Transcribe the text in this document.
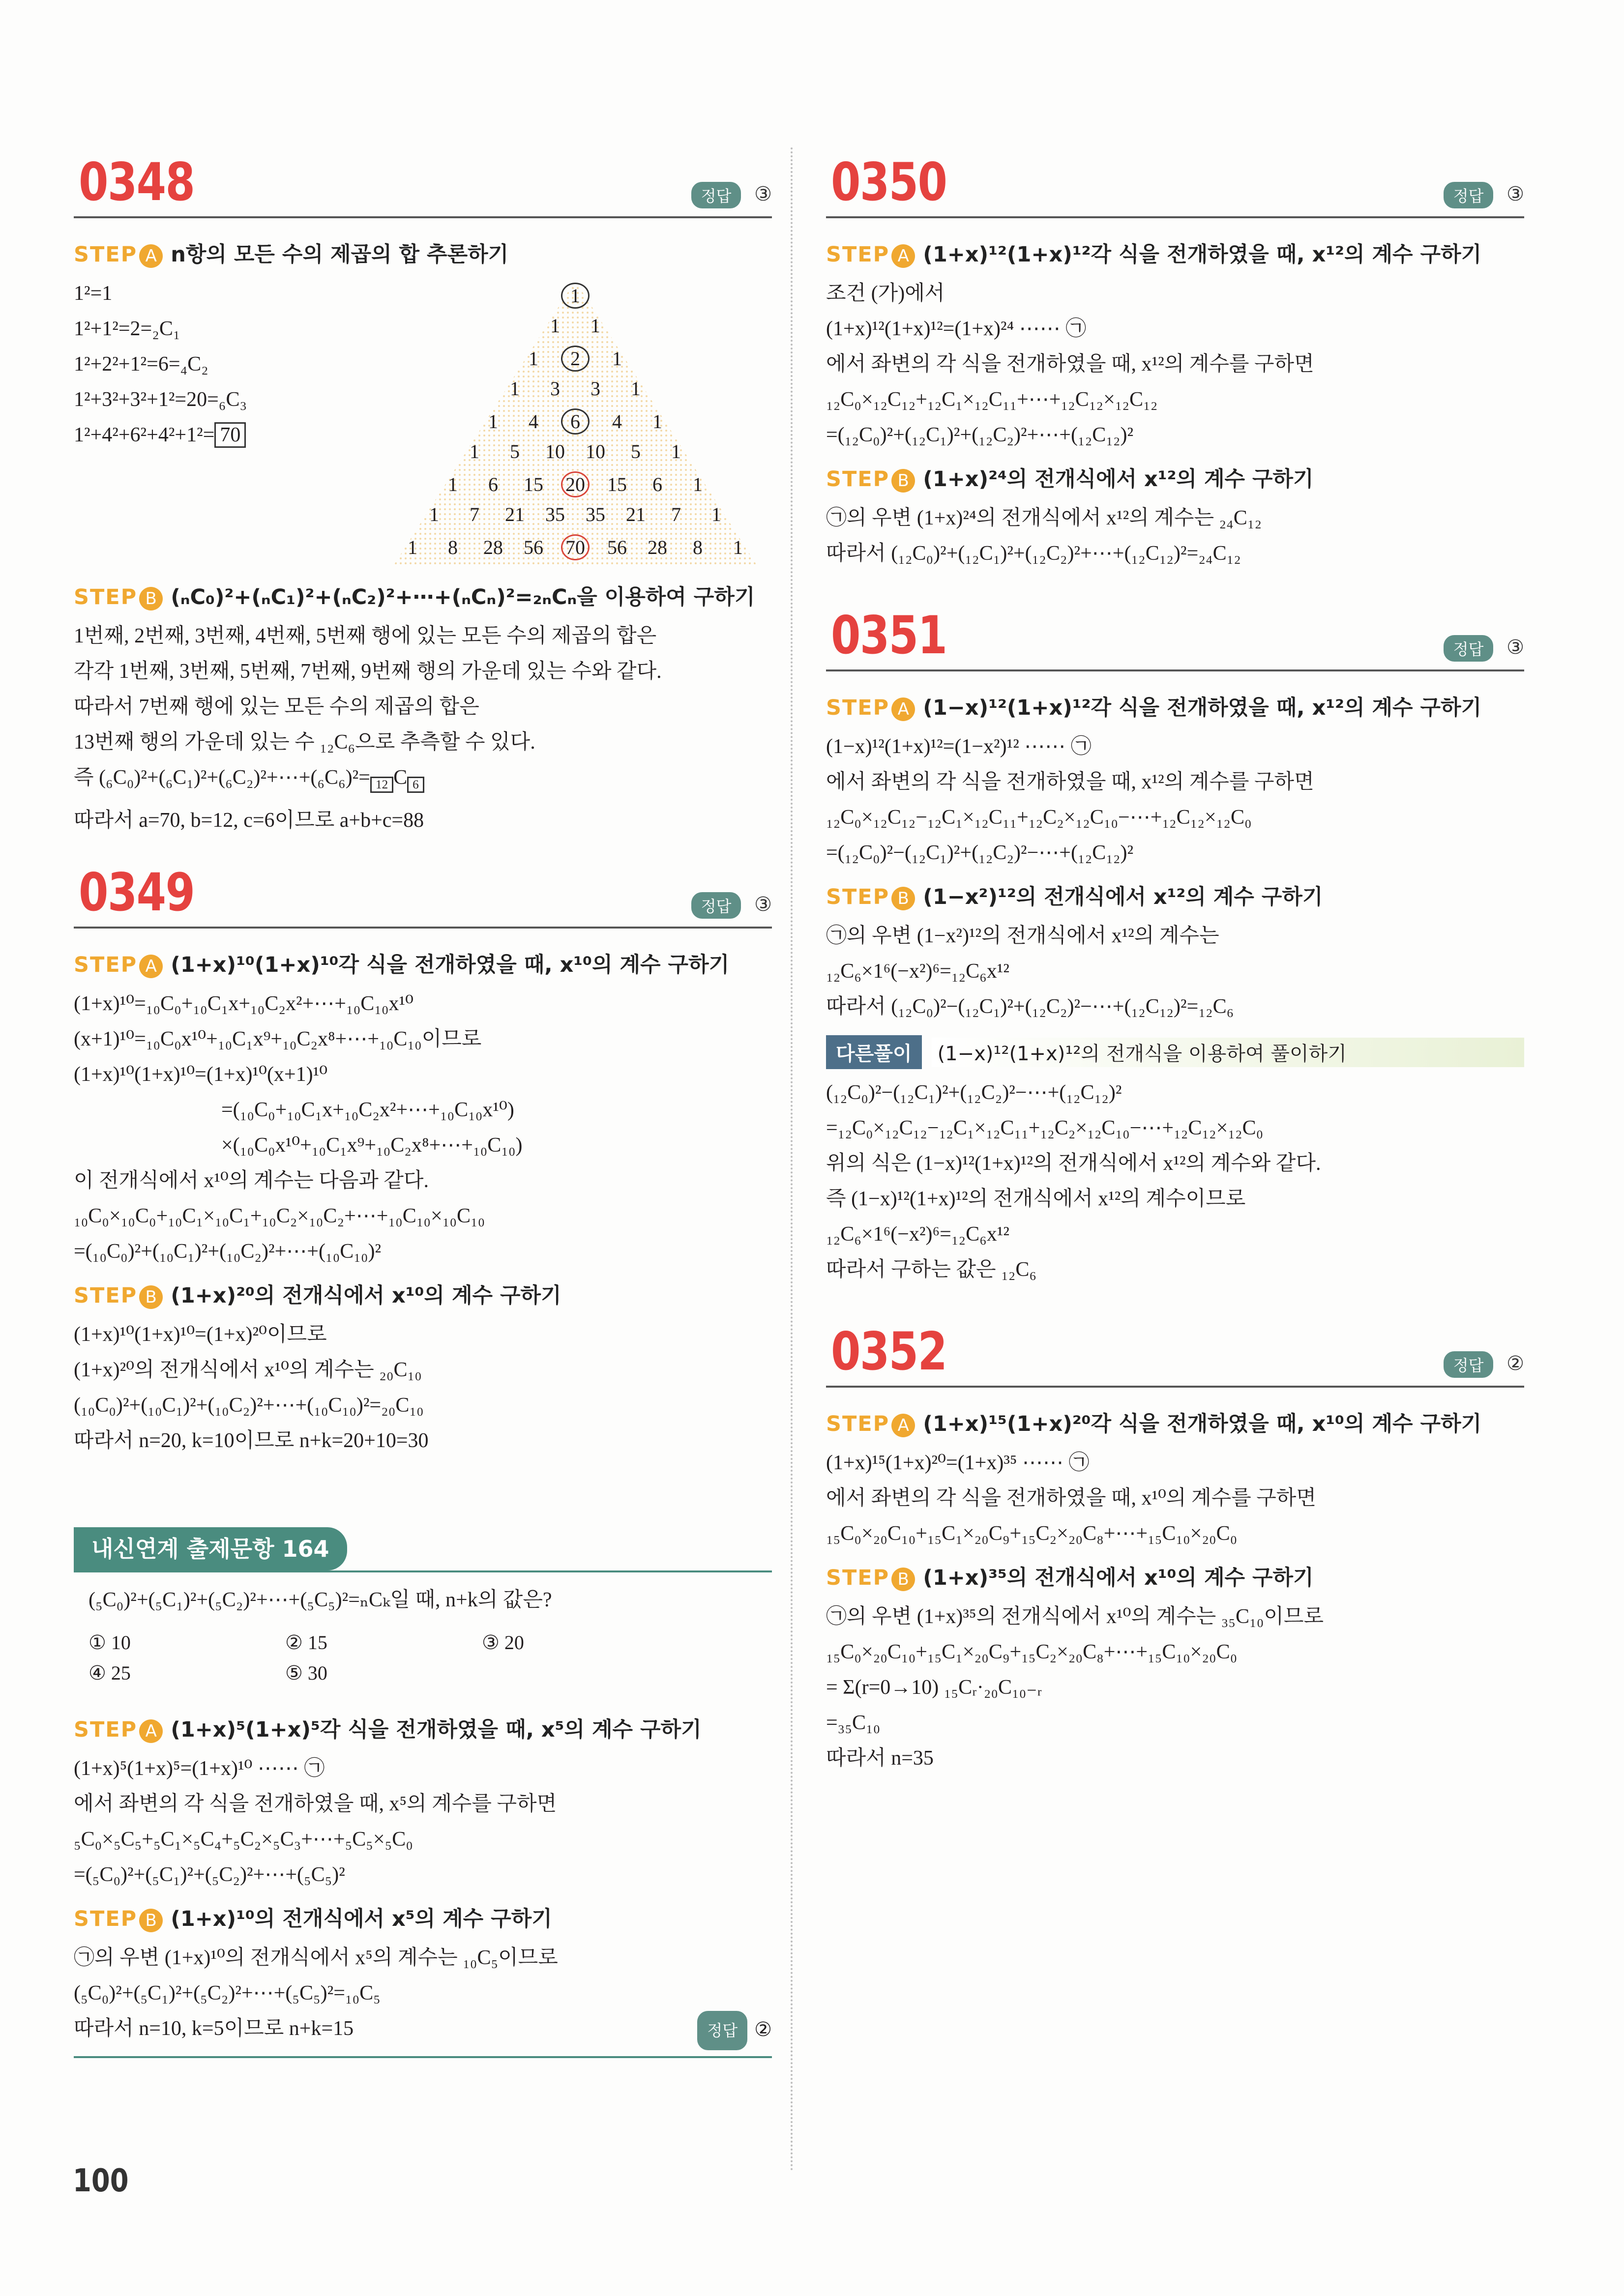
0348	정답 ③
STEP A n항의 모든 수의 제곱의 합 추론하기
1²=1
1²+1²=2=₂C₁
1²+2²+1²=6=₄C₂
1²+3²+3²+1²=20=₆C₃
1²+4²+6²+4²+1²= 70
1
1 1
1 2 1
1 3 3 1
1 4 6 4 1
1 5 10 10 5 1
1 6 15 20 15 6 1
1 7 21 35 35 21 7 1
1 8 28 56 70 56 28 8 1
STEP B (ₙC₀)²+(ₙC₁)²+(ₙC₂)²+⋯+(ₙCₙ)²=₂ₙCₙ을 이용하여 구하기
1번째, 2번째, 3번째, 4번째, 5번째 행에 있는 모든 수의 제곱의 합은
각각 1번째, 3번째, 5번째, 7번째, 9번째 행의 가운데 있는 수와 같다.
따라서 7번째 행에 있는 모든 수의 제곱의 합은
13번째 행의 가운데 있는 수 ₁₂C₆으로 추측할 수 있다.
즉 (₆C₀)²+(₆C₁)²+(₆C₂)²+⋯+(₆C₆)²= $_{12}$ C $_6$
따라서 a=70, b=12, c=6이므로 a+b+c=88
0349	정답 ③
STEP A (1+x)¹⁰(1+x)¹⁰각 식을 전개하였을 때, x¹⁰의 계수 구하기
(1+x)¹⁰=₁₀C₀+₁₀C₁x+₁₀C₂x²+⋯+₁₀C₁₀x¹⁰
(x+1)¹⁰=₁₀C₀x¹⁰+₁₀C₁x⁹+₁₀C₂x⁸+⋯+₁₀C₁₀이므로
(1+x)¹⁰(1+x)¹⁰=(1+x)¹⁰(x+1)¹⁰
=(₁₀C₀+₁₀C₁x+₁₀C₂x²+⋯+₁₀C₁₀x¹⁰)
×(₁₀C₀x¹⁰+₁₀C₁x⁹+₁₀C₂x⁸+⋯+₁₀C₁₀)
이 전개식에서 x¹⁰의 계수는 다음과 같다.
₁₀C₀×₁₀C₀+₁₀C₁×₁₀C₁+₁₀C₂×₁₀C₂+⋯+₁₀C₁₀×₁₀C₁₀
=(₁₀C₀)²+(₁₀C₁)²+(₁₀C₂)²+⋯+(₁₀C₁₀)²
STEP B (1+x)²⁰의 전개식에서 x¹⁰의 계수 구하기
(1+x)¹⁰(1+x)¹⁰=(1+x)²⁰이므로
(1+x)²⁰의 전개식에서 x¹⁰의 계수는 ₂₀C₁₀
(₁₀C₀)²+(₁₀C₁)²+(₁₀C₂)²+⋯+(₁₀C₁₀)²=₂₀C₁₀
따라서 n=20, k=10이므로 n+k=20+10=30
내신연계 출제문항 164
(₅C₀)²+(₅C₁)²+(₅C₂)²+⋯+(₅C₅)²=ₙCₖ일 때, n+k의 값은?
① 10	② 15	③ 20
④ 25	⑤ 30
STEP A (1+x)⁵(1+x)⁵각 식을 전개하였을 때, x⁵의 계수 구하기
(1+x)⁵(1+x)⁵=(1+x)¹⁰ ⋯⋯ ㉠
에서 좌변의 각 식을 전개하였을 때, x⁵의 계수를 구하면
₅C₀×₅C₅+₅C₁×₅C₄+₅C₂×₅C₃+⋯+₅C₅×₅C₀
=(₅C₀)²+(₅C₁)²+(₅C₂)²+⋯+(₅C₅)²
STEP B (1+x)¹⁰의 전개식에서 x⁵의 계수 구하기
㉠의 우변 (1+x)¹⁰의 전개식에서 x⁵의 계수는 ₁₀C₅이므로
(₅C₀)²+(₅C₁)²+(₅C₂)²+⋯+(₅C₅)²=₁₀C₅
따라서 n=10, k=5이므로 n+k=15	정답 ②
0350	정답 ③
STEP A (1+x)¹²(1+x)¹²각 식을 전개하였을 때, x¹²의 계수 구하기
조건 (가)에서
(1+x)¹²(1+x)¹²=(1+x)²⁴ ⋯⋯ ㉠
에서 좌변의 각 식을 전개하였을 때, x¹²의 계수를 구하면
₁₂C₀×₁₂C₁₂+₁₂C₁×₁₂C₁₁+⋯+₁₂C₁₂×₁₂C₁₂
=(₁₂C₀)²+(₁₂C₁)²+(₁₂C₂)²+⋯+(₁₂C₁₂)²
STEP B (1+x)²⁴의 전개식에서 x¹²의 계수 구하기
㉠의 우변 (1+x)²⁴의 전개식에서 x¹²의 계수는 ₂₄C₁₂
따라서 (₁₂C₀)²+(₁₂C₁)²+(₁₂C₂)²+⋯+(₁₂C₁₂)²=₂₄C₁₂
0351	정답 ③
STEP A (1−x)¹²(1+x)¹²각 식을 전개하였을 때, x¹²의 계수 구하기
(1−x)¹²(1+x)¹²=(1−x²)¹² ⋯⋯ ㉠
에서 좌변의 각 식을 전개하였을 때, x¹²의 계수를 구하면
₁₂C₀×₁₂C₁₂−₁₂C₁×₁₂C₁₁+₁₂C₂×₁₂C₁₀−⋯+₁₂C₁₂×₁₂C₀
=(₁₂C₀)²−(₁₂C₁)²+(₁₂C₂)²−⋯+(₁₂C₁₂)²
STEP B (1−x²)¹²의 전개식에서 x¹²의 계수 구하기
㉠의 우변 (1−x²)¹²의 전개식에서 x¹²의 계수는
₁₂C₆×1⁶(−x²)⁶=₁₂C₆x¹²
따라서 (₁₂C₀)²−(₁₂C₁)²+(₁₂C₂)²−⋯+(₁₂C₁₂)²=₁₂C₆
다른풀이	(1−x)¹²(1+x)¹²의 전개식을 이용하여 풀이하기
(₁₂C₀)²−(₁₂C₁)²+(₁₂C₂)²−⋯+(₁₂C₁₂)²
=₁₂C₀×₁₂C₁₂−₁₂C₁×₁₂C₁₁+₁₂C₂×₁₂C₁₀−⋯+₁₂C₁₂×₁₂C₀
위의 식은 (1−x)¹²(1+x)¹²의 전개식에서 x¹²의 계수와 같다.
즉 (1−x)¹²(1+x)¹²의 전개식에서 x¹²의 계수이므로
₁₂C₆×1⁶(−x²)⁶=₁₂C₆x¹²
따라서 구하는 값은 ₁₂C₆
0352	정답 ②
STEP A (1+x)¹⁵(1+x)²⁰각 식을 전개하였을 때, x¹⁰의 계수 구하기
(1+x)¹⁵(1+x)²⁰=(1+x)³⁵ ⋯⋯ ㉠
에서 좌변의 각 식을 전개하였을 때, x¹⁰의 계수를 구하면
₁₅C₀×₂₀C₁₀+₁₅C₁×₂₀C₉+₁₅C₂×₂₀C₈+⋯+₁₅C₁₀×₂₀C₀
STEP B (1+x)³⁵의 전개식에서 x¹⁰의 계수 구하기
㉠의 우변 (1+x)³⁵의 전개식에서 x¹⁰의 계수는 ₃₅C₁₀이므로
₁₅C₀×₂₀C₁₀+₁₅C₁×₂₀C₉+₁₅C₂×₂₀C₈+⋯+₁₅C₁₀×₂₀C₀
= Σ(r=0→10) ₁₅Cᵣ·₂₀C₁₀₋ᵣ
=₃₅C₁₀
따라서 n=35
100
